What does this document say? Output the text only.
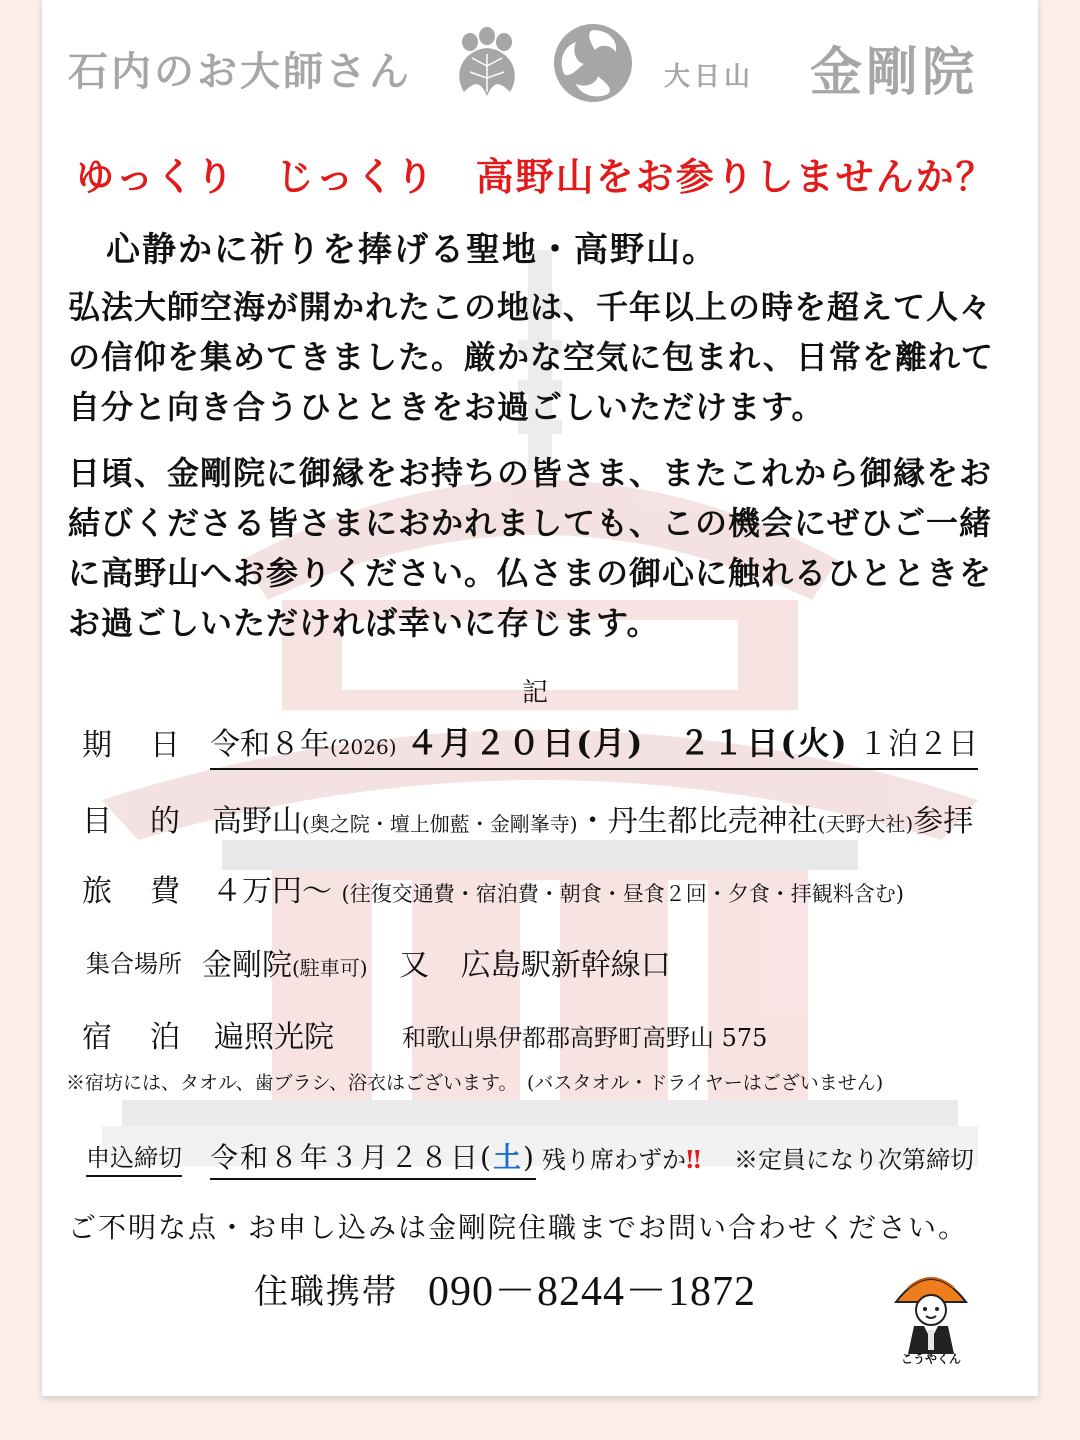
石内のお大師さん	大日山 金剛院
ゆっくり　じっくり　高野山をお参りしませんか？
心静かに祈りを捧げる聖地・高野山。
弘法大師空海が開かれたこの地は、千年以上の時を超えて人々の信仰を集めてきました。厳かな空気に包まれ、日常を離れて自分と向き合うひとときをお過ごしいただけます。
日頃、金剛院に御縁をお持ちの皆さま、またこれから御縁をお結びくださる皆さまにおかれましても、この機会にぜひご一緒に高野山へお参りください。仏さまの御心に触れるひとときをお過ごしいただければ幸いに存じます。
記
期　日 令和８年(2026) ４月２０日(月)　２１日(火) １泊２日
目　的 高野山(奥之院・壇上伽藍・金剛峯寺)・丹生都比売神社(天野大社)参拝
旅　費 ４万円～ (往復交通費・宿泊費・朝食・昼食２回・夕食・拝観料含む)
集合場所 金剛院(駐車可) 又 広島駅新幹線口
宿　泊 遍照光院	和歌山県伊都郡高野町高野山 575
※宿坊には、タオル、歯ブラシ、浴衣はございます。　(バスタオル・ドライヤーはございません)
申込締切 令和８年３月２８日(土) 残り席わずか‼ ※定員になり次第締切
ご不明な点・お申し込みは金剛院住職までお問い合わせください。
住職携帯 090－8244－1872
こうやくん
